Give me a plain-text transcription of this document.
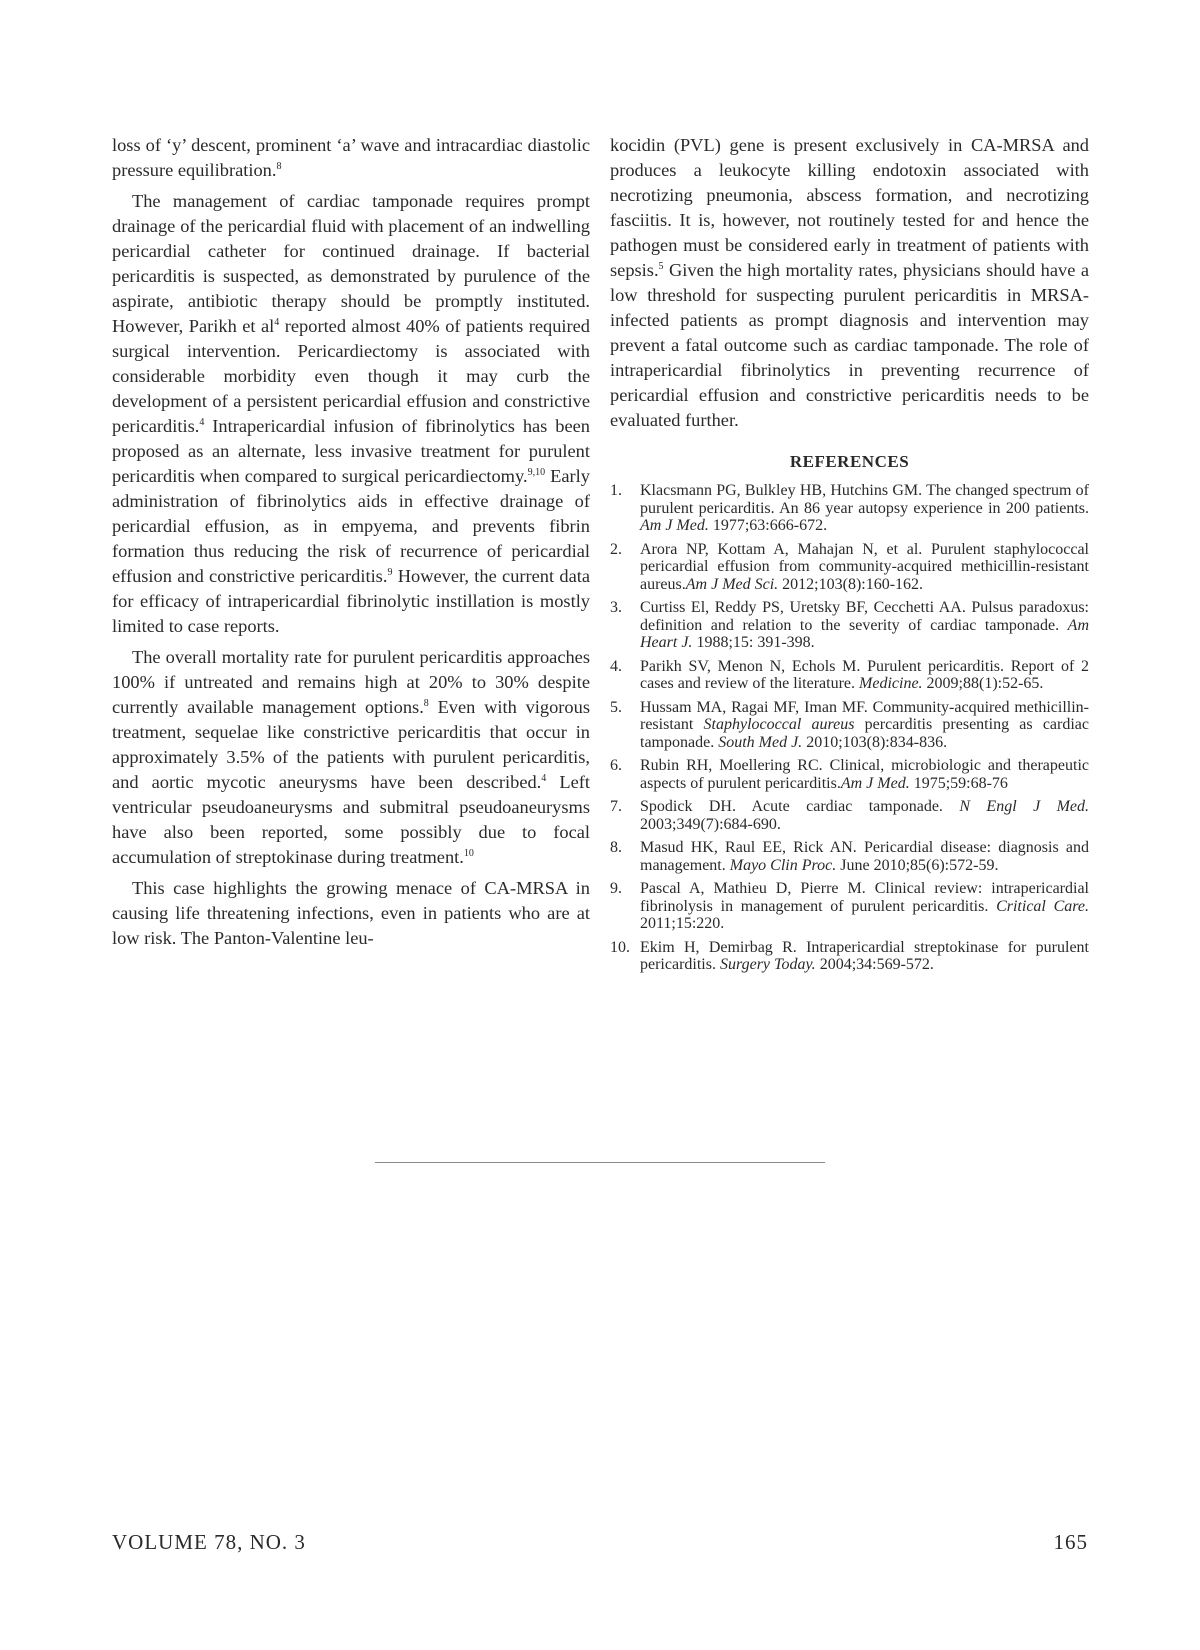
loss of ‘y’ descent, prominent ‘a’ wave and intracardiac diastolic pressure equilibration.$^8$

The management of cardiac tamponade requires prompt drainage of the pericardial fluid with placement of an indwelling pericardial catheter for continued drainage. If bacterial pericarditis is suspected, as demonstrated by purulence of the aspirate, antibiotic therapy should be promptly instituted. However, Parikh et $al^4$ reported almost 40% of patients required surgical intervention. Pericardiectomy is associated with considerable morbidity even though it may curb the development of a persistent pericardial effusion and constrictive pericarditis.$^4$ Intrapericardial infusion of fibrinolytics has been proposed as an alternate, less invasive treatment for purulent pericarditis when compared to surgical pericardiectomy.$^{9,10}$ Early administration of fibrinolytics aids in effective drainage of pericardial effusion, as in empyema, and prevents fibrin formation thus reducing the risk of recurrence of pericardial effusion and constrictive pericarditis.$^9$ However, the current data for efficacy of intrapericardial fibrinolytic instillation is mostly limited to case reports.

The overall mortality rate for purulent pericarditis approaches 100% if untreated and remains high at 20% to 30% despite currently available management options.$^8$ Even with vigorous treatment, sequelae like constrictive pericarditis that occur in approximately 3.5% of the patients with purulent pericarditis, and aortic mycotic aneurysms have been described.$^4$ Left ventricular pseudoaneurysms and submitral pseudoaneurysms have also been reported, some possibly due to focal accumulation of streptokinase during treatment.$^{10}$

This case highlights the growing menace of CA-MRSA in causing life threatening infections, even in patients who are at low risk. The Panton-Valentine leu-

kocidin (PVL) gene is present exclusively in CA-MRSA and produces a leukocyte killing endotoxin associated with necrotizing pneumonia, abscess formation, and necrotizing fasciitis. It is, however, not routinely tested for and hence the pathogen must be considered early in treatment of patients with sepsis.$^5$ Given the high mortality rates, physicians should have a low threshold for suspecting purulent pericarditis in MRSA-infected patients as prompt diagnosis and intervention may prevent a fatal outcome such as cardiac tamponade. The role of intrapericardial fibrinolytics in preventing recurrence of pericardial effusion and constrictive pericarditis needs to be evaluated further.

REFERENCES
1.	Klacsmann PG, Bulkley HB, Hutchins GM. The changed spectrum of purulent pericarditis. An 86 year autopsy experience in 200 patients. Am J Med. 1977;63:666-672.
2.	Arora NP, Kottam A, Mahajan N, et al. Purulent staphylococcal pericardial effusion from community-acquired methicillin-resistant aureus.Am J Med Sci. 2012;103(8):160-162.
3.	Curtiss El, Reddy PS, Uretsky BF, Cecchetti AA. Pulsus paradoxus: definition and relation to the severity of cardiac tamponade. Am Heart J. 1988;15: 391-398.
4.	Parikh SV, Menon N, Echols M. Purulent pericarditis. Report of 2 cases and review of the literature. Medicine. 2009;88(1):52-65.
5.	Hussam MA, Ragai MF, Iman MF. Community-acquired methicillin-resistant Staphylococcal aureus percarditis presenting as cardiac tamponade. South Med J. 2010;103(8):834-836.
6.	Rubin RH, Moellering RC. Clinical, microbiologic and therapeutic aspects of purulent pericarditis.Am J Med. 1975;59:68-76
7.	Spodick DH. Acute cardiac tamponade. N Engl J Med. 2003;349(7):684-690.
8.	Masud HK, Raul EE, Rick AN. Pericardial disease: diagnosis and management. Mayo Clin Proc. June 2010;85(6):572-59.
9.	Pascal A, Mathieu D, Pierre M. Clinical review: intrapericardial fibrinolysis in management of purulent pericarditis. Critical Care. 2011;15:220.
10. Ekim H, Demirbag R. Intrapericardial streptokinase for purulent pericarditis. Surgery Today. 2004;34:569-572.
VOLUME 78, NO. 3	165
